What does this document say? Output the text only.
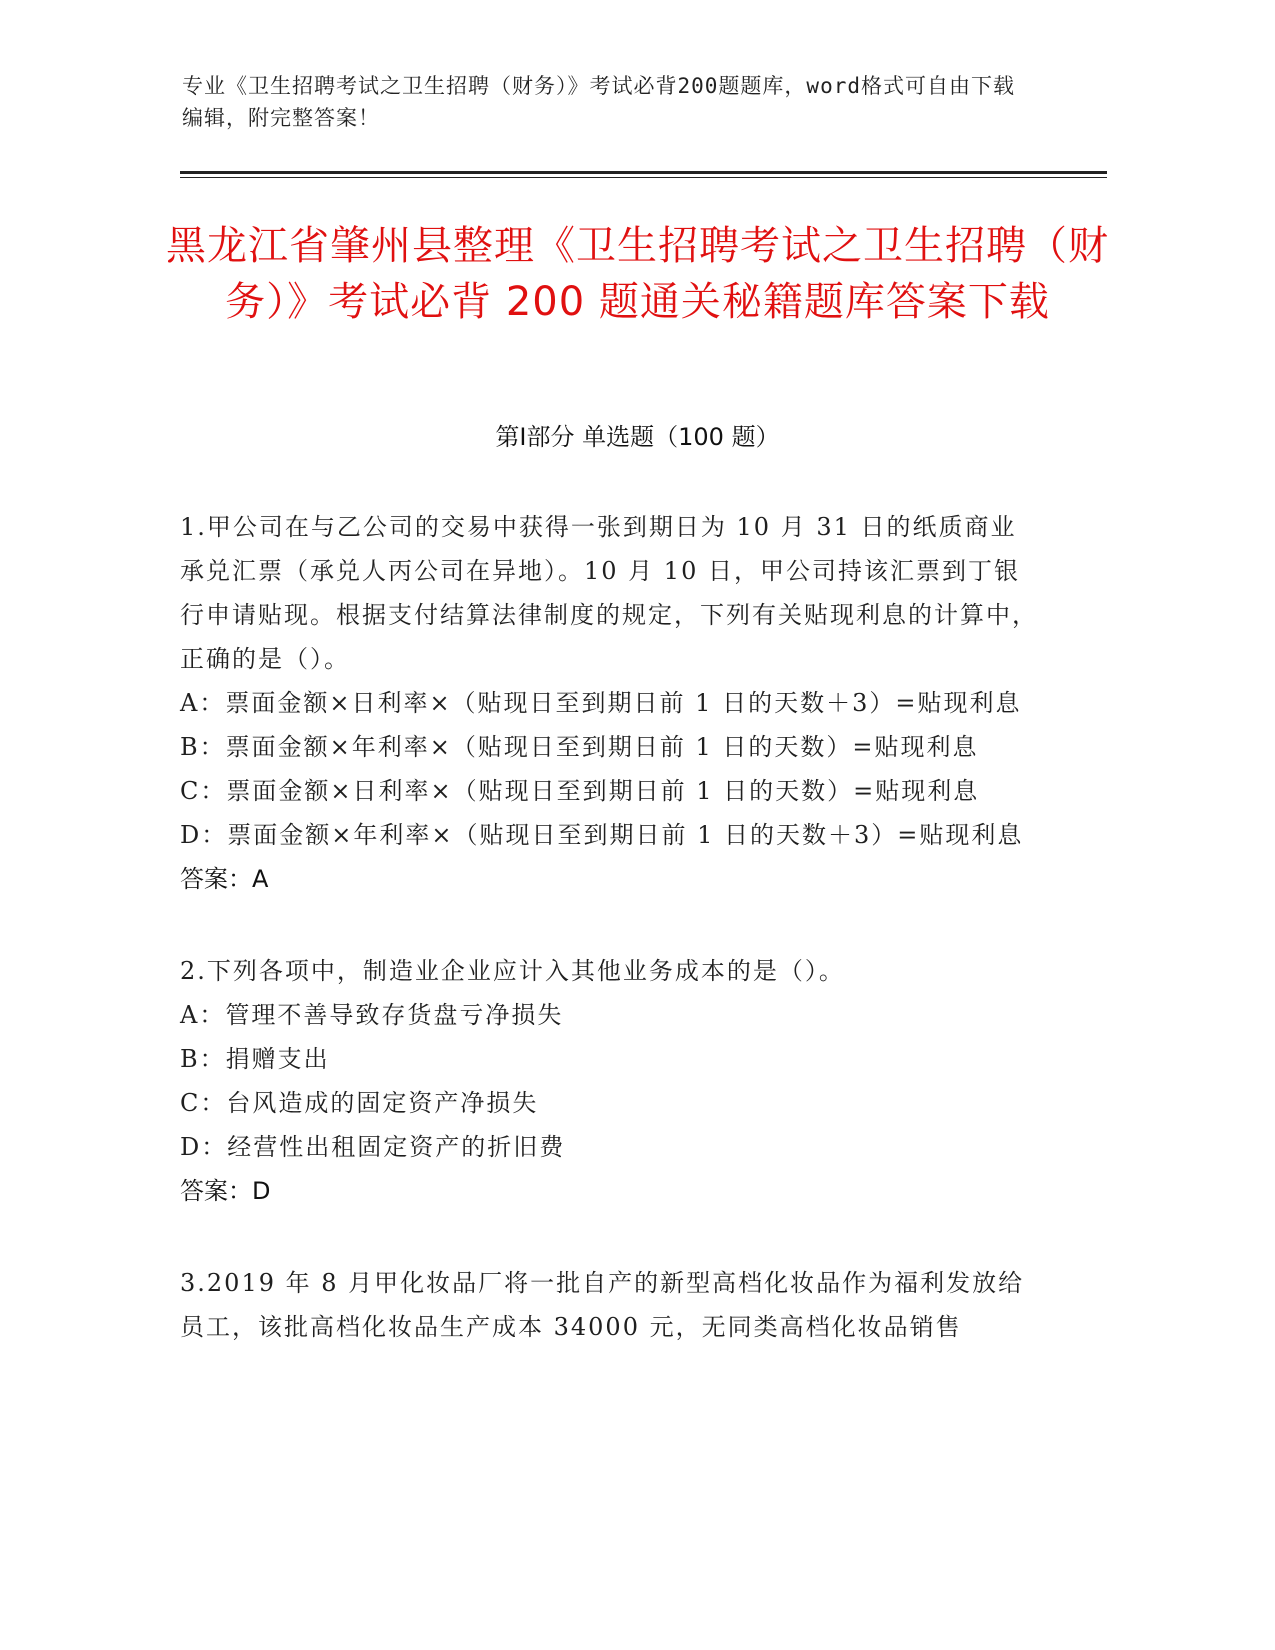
专业《卫生招聘考试之卫生招聘（财务）》考试必背200题题库，word格式可自由下载编辑，附完整答案！
黑龙江省肇州县整理《卫生招聘考试之卫生招聘（财务）》考试必背 200 题通关秘籍题库答案下载
第Ⅰ部分 单选题（100 题）

1.甲公司在与乙公司的交易中获得一张到期日为 10 月 31 日的纸质商业承兑汇票（承兑人丙公司在异地）。10 月 10 日，甲公司持该汇票到丁银行申请贴现。根据支付结算法律制度的规定，下列有关贴现利息的计算中，正确的是（）。

A：票面金额×日利率×（贴现日至到期日前 1 日的天数＋3）=贴现利息

B：票面金额×年利率×（贴现日至到期日前 1 日的天数）=贴现利息

C：票面金额×日利率×（贴现日至到期日前 1 日的天数）=贴现利息

D：票面金额×年利率×（贴现日至到期日前 1 日的天数＋3）=贴现利息

答案：A

2.下列各项中，制造业企业应计入其他业务成本的是（）。

A：管理不善导致存货盘亏净损失

B：捐赠支出

C：台风造成的固定资产净损失

D：经营性出租固定资产的折旧费

答案：D

3.2019 年 8 月甲化妆品厂将一批自产的新型高档化妆品作为福利发放给员工，该批高档化妆品生产成本 34000 元，无同类高档化妆品销售
